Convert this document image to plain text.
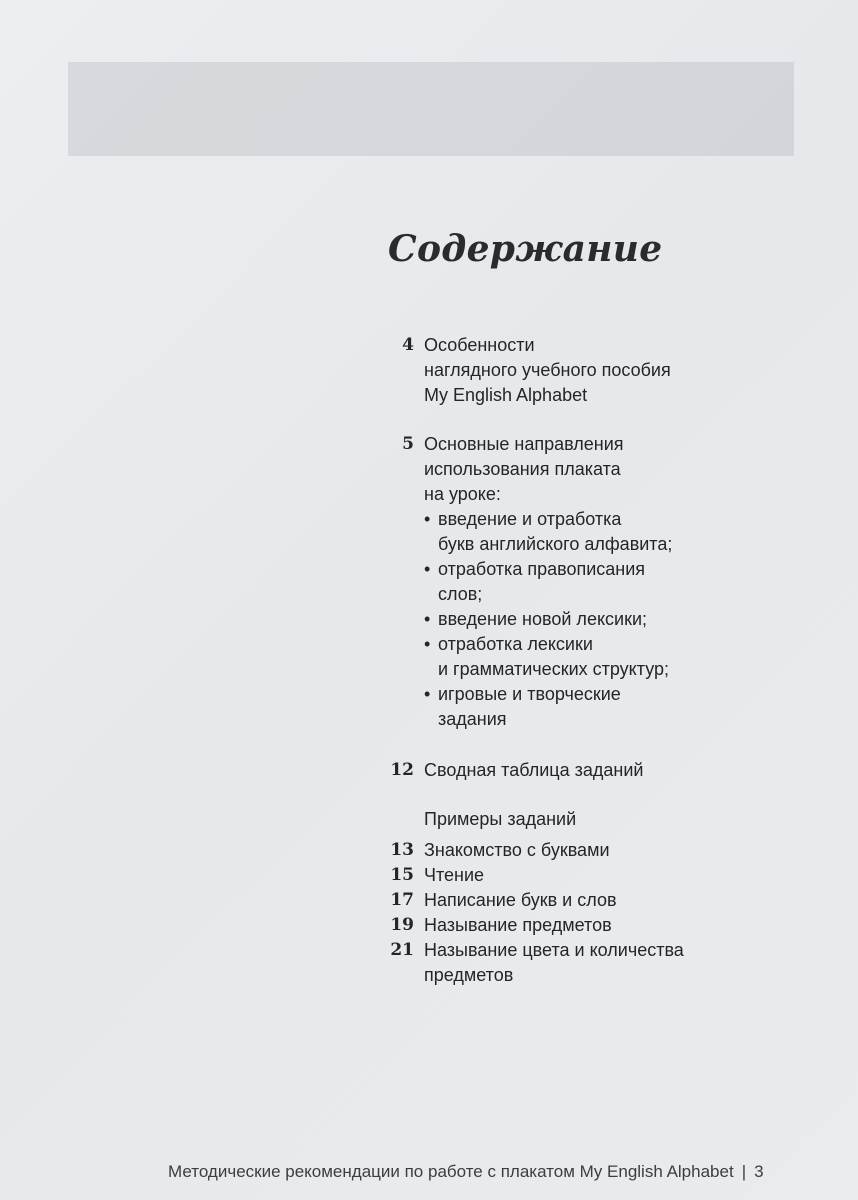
Содержание
4 Особенности
наглядного учебного пособия
My English Alphabet
5 Основные направления
использования плаката
на уроке:
• введение и отработка
букв английского алфавита;
• отработка правописания
слов;
• введение новой лексики;
• отработка лексики
и грамматических структур;
• игровые и творческие
задания
12 Сводная таблица заданий
Примеры заданий
13 Знакомство с буквами
15 Чтение
17 Написание букв и слов
19 Называние предметов
21 Называние цвета и количества
предметов
Методические рекомендации по работе с плакатом My English Alphabet | 3
